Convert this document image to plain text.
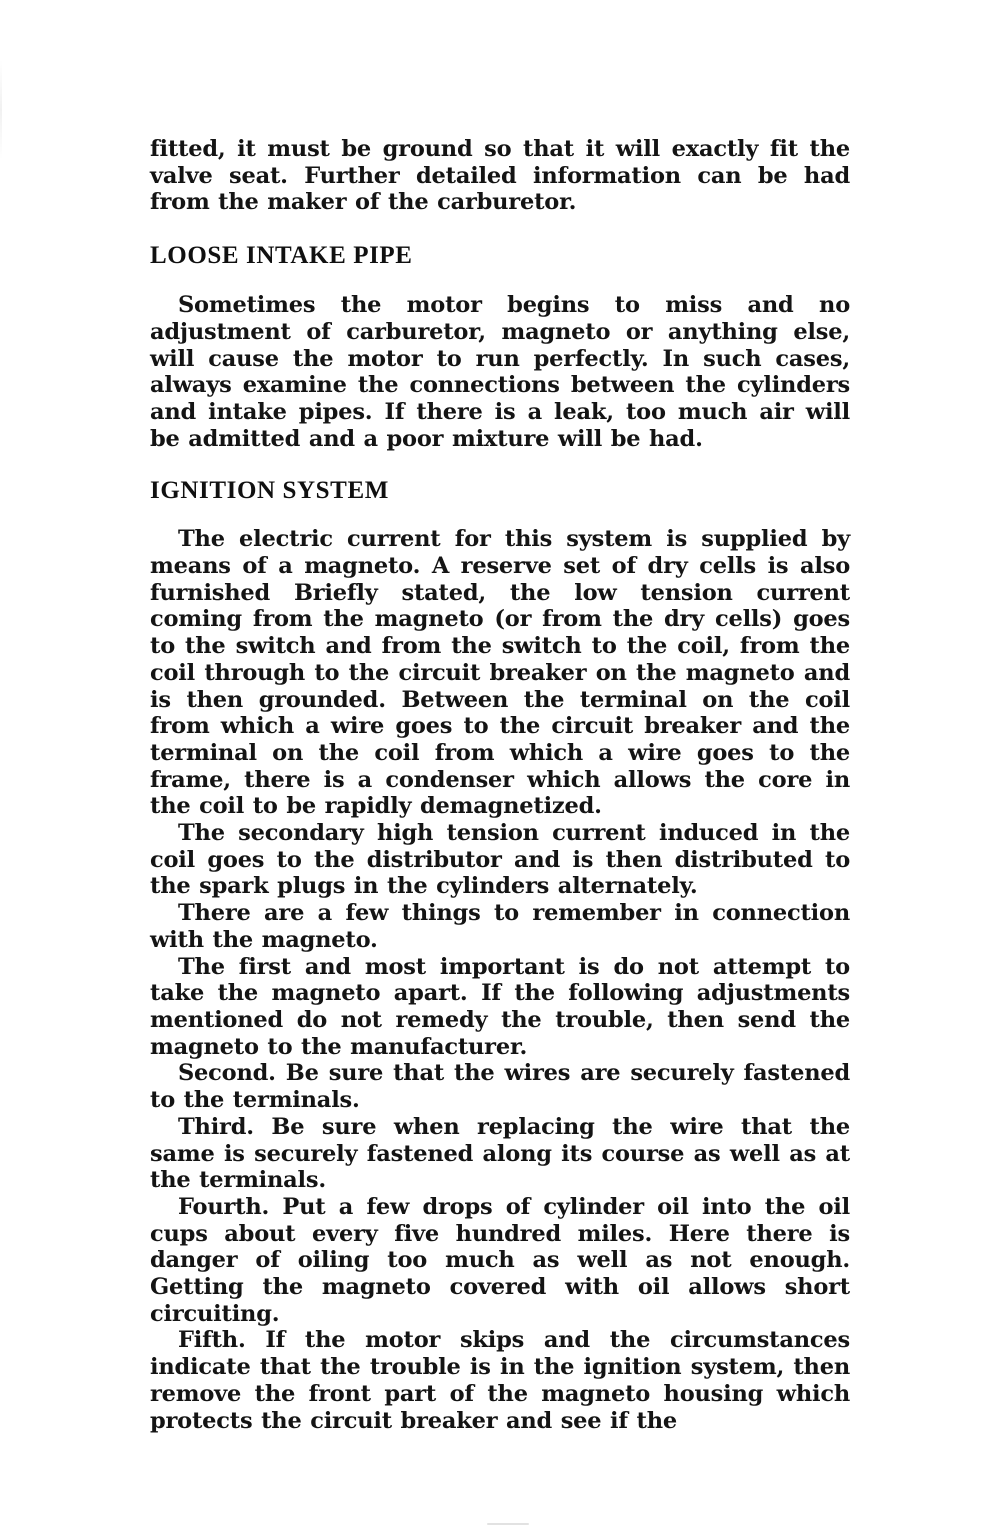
fitted, it must be ground so that it will exactly fit the valve seat. Further detailed information can be had from the maker of the carburetor.

LOOSE INTAKE PIPE

Sometimes the motor begins to miss and no adjustment of carburetor, magneto or anything else, will cause the motor to run perfectly. In such cases, always examine the connections between the cylinders and intake pipes. If there is a leak, too much air will be admitted and a poor mixture will be had.

IGNITION SYSTEM

The electric current for this system is supplied by means of a magneto. A reserve set of dry cells is also furnished Briefly stated, the low tension current coming from the magneto (or from the dry cells) goes to the switch and from the switch to the coil, from the coil through to the circuit breaker on the magneto and is then grounded. Between the terminal on the coil from which a wire goes to the circuit breaker and the terminal on the coil from which a wire goes to the frame, there is a condenser which allows the core in the coil to be rapidly demagnetized.

The secondary high tension current induced in the coil goes to the distributor and is then distributed to the spark plugs in the cylinders alternately.

There are a few things to remember in connection with the magneto.

The first and most important is do not attempt to take the magneto apart. If the following adjustments mentioned do not remedy the trouble, then send the magneto to the manufacturer.

Second. Be sure that the wires are securely fastened to the terminals.

Third. Be sure when replacing the wire that the same is securely fastened along its course as well as at the terminals.

Fourth. Put a few drops of cylinder oil into the oil cups about every five hundred miles. Here there is danger of oiling too much as well as not enough. Getting the magneto covered with oil allows short circuiting.

Fifth. If the motor skips and the circumstances indicate that the trouble is in the ignition system, then remove the front part of the magneto housing which protects the circuit breaker and see if the
